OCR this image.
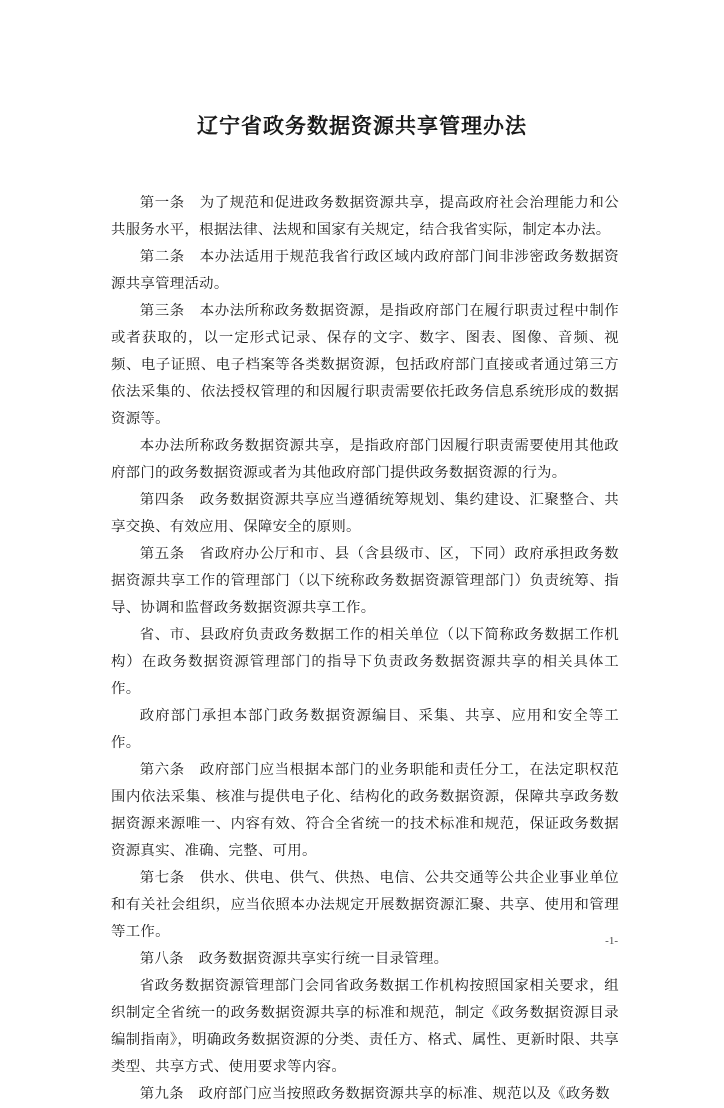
辽宁省政务数据资源共享管理办法

第一条　为了规范和促进政务数据资源共享，提高政府社会治理能力和公共服务水平，根据法律、法规和国家有关规定，结合我省实际，制定本办法。

第二条　本办法适用于规范我省行政区域内政府部门间非涉密政务数据资源共享管理活动。

第三条　本办法所称政务数据资源，是指政府部门在履行职责过程中制作或者获取的，以一定形式记录、保存的文字、数字、图表、图像、音频、视频、电子证照、电子档案等各类数据资源，包括政府部门直接或者通过第三方依法采集的、依法授权管理的和因履行职责需要依托政务信息系统形成的数据资源等。

本办法所称政务数据资源共享，是指政府部门因履行职责需要使用其他政府部门的政务数据资源或者为其他政府部门提供政务数据资源的行为。

第四条　政务数据资源共享应当遵循统筹规划、集约建设、汇聚整合、共享交换、有效应用、保障安全的原则。

第五条　省政府办公厅和市、县（含县级市、区，下同）政府承担政务数据资源共享工作的管理部门（以下统称政务数据资源管理部门）负责统筹、指导、协调和监督政务数据资源共享工作。

省、市、县政府负责政务数据工作的相关单位（以下简称政务数据工作机构）在政务数据资源管理部门的指导下负责政务数据资源共享的相关具体工作。

政府部门承担本部门政务数据资源编目、采集、共享、应用和安全等工作。

第六条　政府部门应当根据本部门的业务职能和责任分工，在法定职权范围内依法采集、核准与提供电子化、结构化的政务数据资源，保障共享政务数据资源来源唯一、内容有效、符合全省统一的技术标准和规范，保证政务数据资源真实、准确、完整、可用。

第七条　供水、供电、供气、供热、电信、公共交通等公共企业事业单位和有关社会组织，应当依照本办法规定开展数据资源汇聚、共享、使用和管理等工作。

第八条　政务数据资源共享实行统一目录管理。

省政务数据资源管理部门会同省政务数据工作机构按照国家相关要求，组织制定全省统一的政务数据资源共享的标准和规范，制定《政务数据资源目录编制指南》，明确政务数据资源的分类、责任方、格式、属性、更新时限、共享类型、共享方式、使用要求等内容。

第九条　政府部门应当按照政务数据资源共享的标准、规范以及《政务数

-1-
